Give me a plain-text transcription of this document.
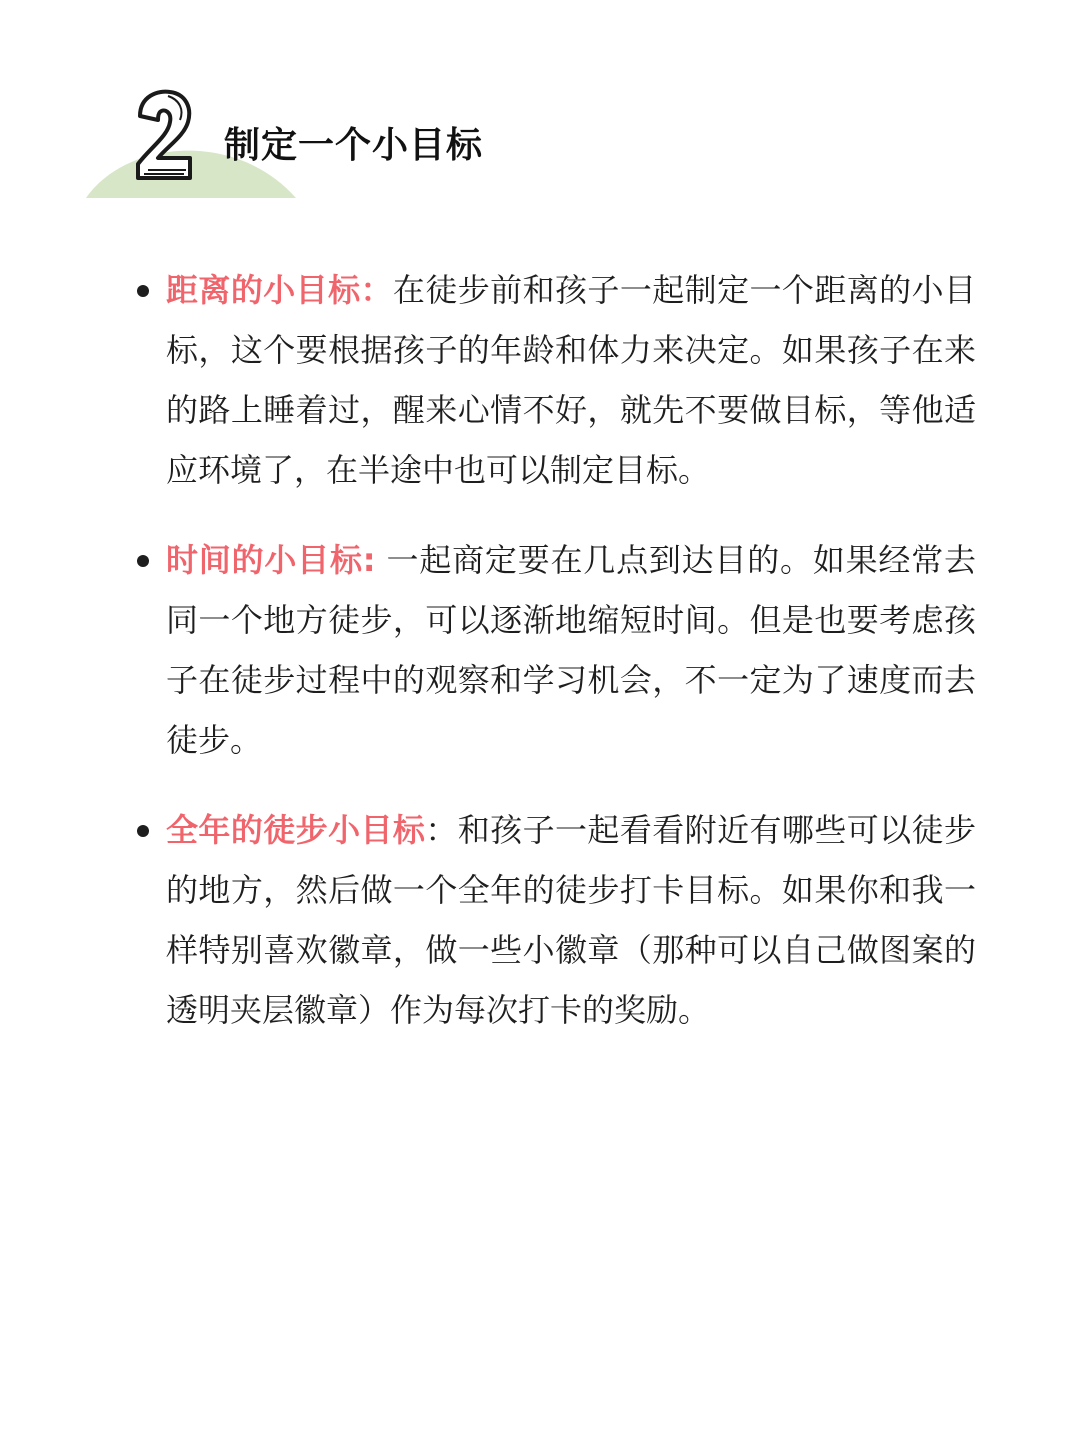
制定一个小目标

距离的小目标：在徒步前和孩子一起制定一个距离的小目标，这个要根据孩子的年龄和体力来决定。如果孩子在来的路上睡着过，醒来心情不好，就先不要做目标，等他适应环境了，在半途中也可以制定目标。

时间的小目标: 一起商定要在几点到达目的。如果经常去同一个地方徒步，可以逐渐地缩短时间。但是也要考虑孩子在徒步过程中的观察和学习机会，不一定为了速度而去徒步。

全年的徒步小目标：和孩子一起看看附近有哪些可以徒步的地方，然后做一个全年的徒步打卡目标。如果你和我一样特别喜欢徽章，做一些小徽章（那种可以自己做图案的透明夹层徽章）作为每次打卡的奖励。
